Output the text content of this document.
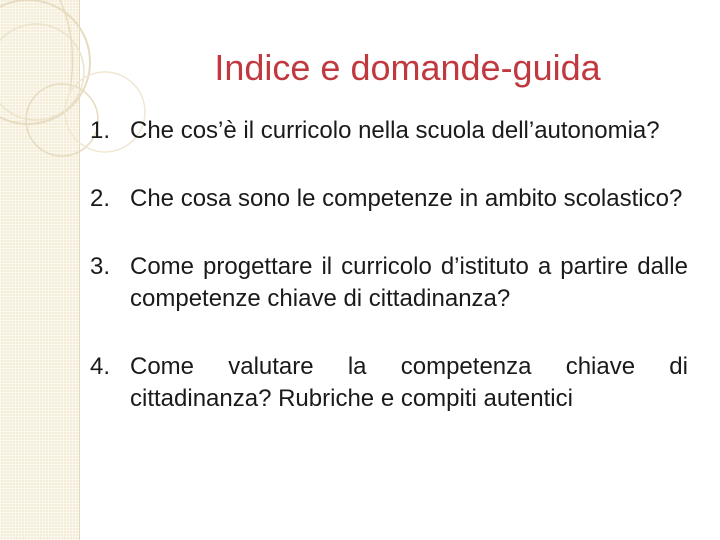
Indice e domande-guida
1. Che cos’è il curricolo nella scuola dell’autonomia?
2. Che cosa sono le competenze in ambito scolastico?
3. Come progettare il curricolo d’istituto a partire dalle competenze chiave di cittadinanza?
4. Come valutare la competenza chiave di cittadinanza? Rubriche e compiti autentici
